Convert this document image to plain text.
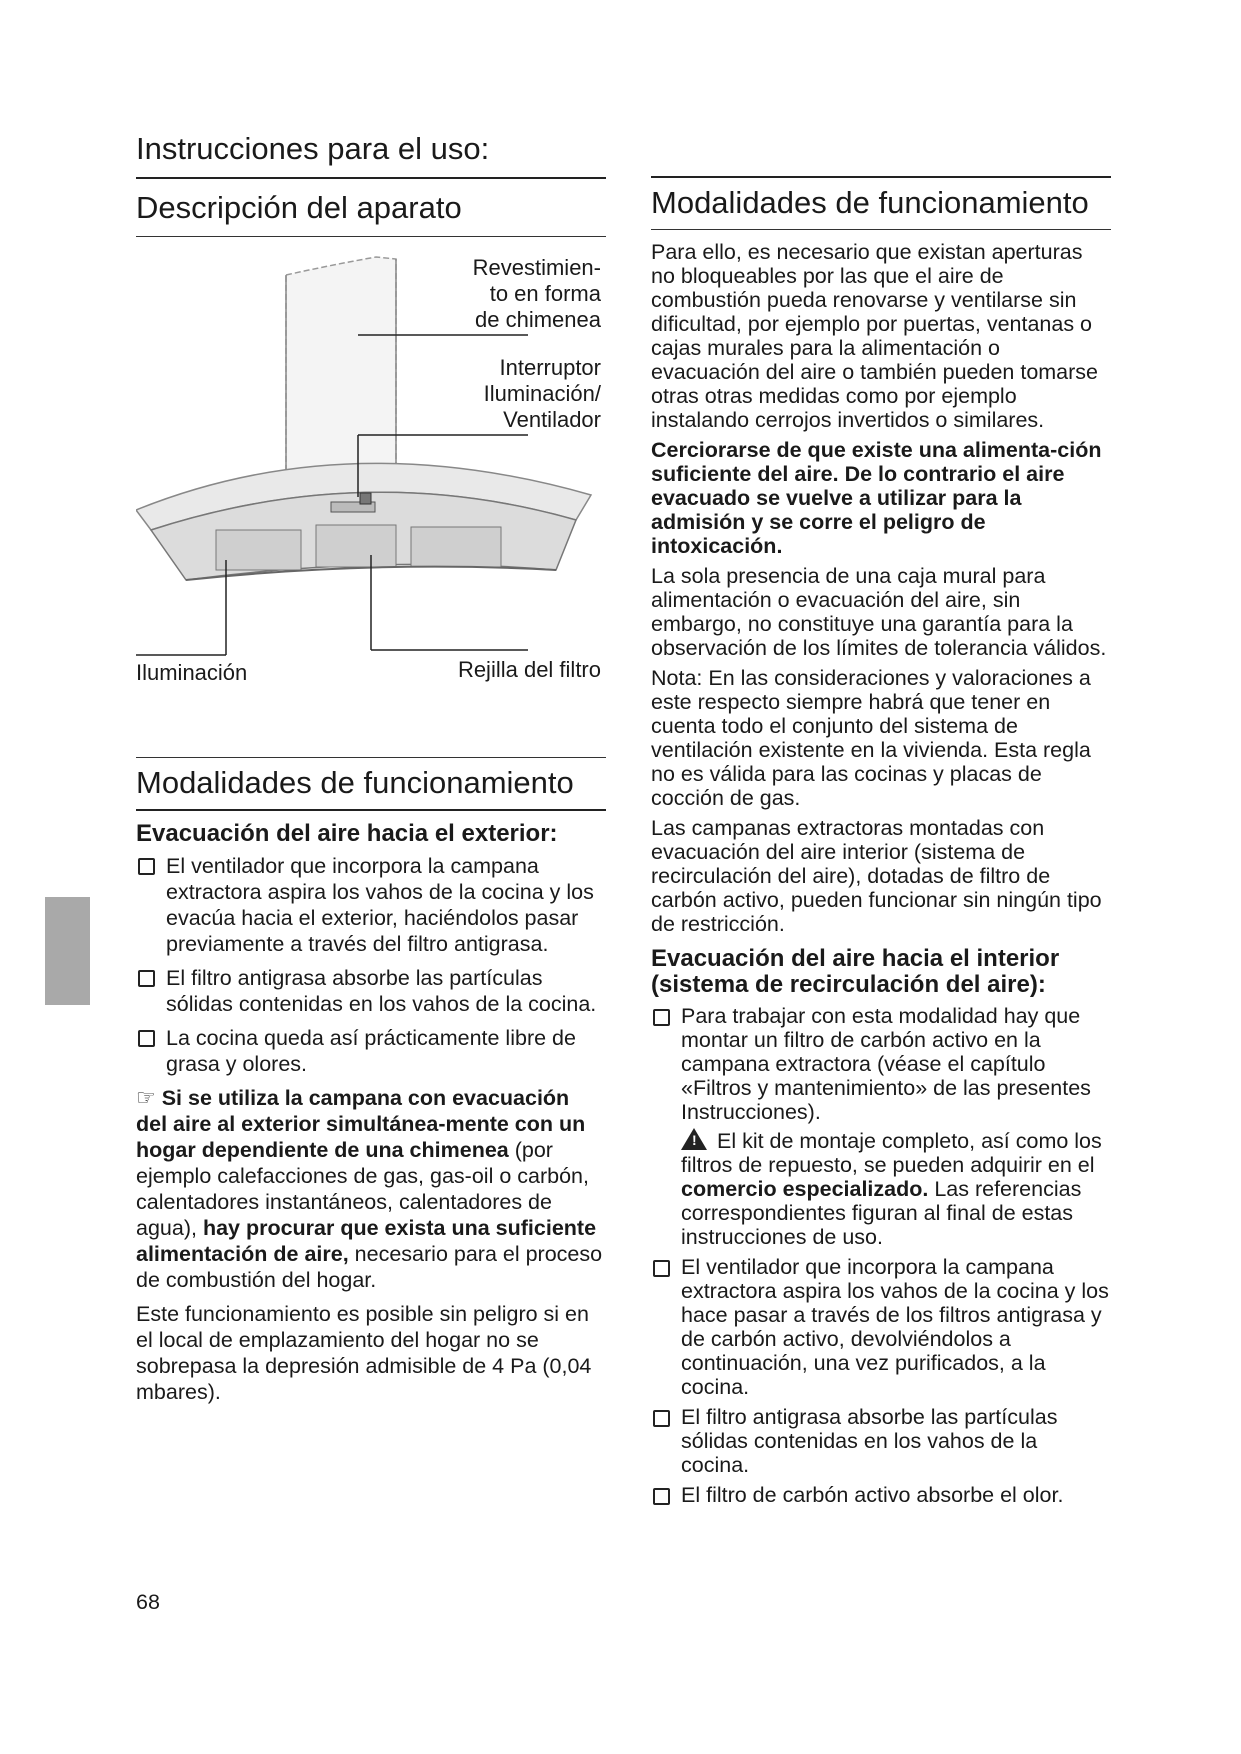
Instrucciones para el uso:
Descripción del aparato
Revestimien-
to en forma
de chimenea
Interruptor
Iluminación/
Ventilador
Iluminación	Rejilla del filtro
Modalidades de funcionamiento
Evacuación del aire hacia el exterior:
El ventilador que incorpora la campana extractora aspira los vahos de la cocina y los evacúa hacia el exterior, haciéndolos pasar previamente a través del filtro antigrasa.
El filtro antigrasa absorbe las partículas sólidas contenidas en los vahos de la cocina.
La cocina queda así prácticamente libre de grasa y olores.

☞ Si se utiliza la campana con evacuación del aire al exterior simultánea-mente con un hogar dependiente de una chimenea (por ejemplo calefacciones de gas, gas-oil o carbón, calentadores instantáneos, calentadores de agua), hay procurar que exista una suficiente alimentación de aire, necesario para el proceso de combustión del hogar.

Este funcionamiento es posible sin peligro si en el local de emplazamiento del hogar no se sobrepasa la depresión admisible de 4 Pa (0,04 mbares).

Modalidades de funcionamiento

Para ello, es necesario que existan aperturas no bloqueables por las que el aire de combustión pueda renovarse y ventilarse sin dificultad, por ejemplo por puertas, ventanas o cajas murales para la alimentación o evacuación del aire o también pueden tomarse otras otras medidas como por ejemplo instalando cerrojos invertidos o similares.

Cerciorarse de que existe una alimenta-ción suficiente del aire. De lo contrario el aire evacuado se vuelve a utilizar para la admisión y se corre el peligro de intoxicación.

La sola presencia de una caja mural para alimentación o evacuación del aire, sin embargo, no constituye una garantía para la observación de los límites de tolerancia válidos.

Nota: En las consideraciones y valoraciones a este respecto siempre habrá que tener en cuenta todo el conjunto del sistema de ventilación existente en la vivienda. Esta regla no es válida para las cocinas y placas de cocción de gas.

Las campanas extractoras montadas con evacuación del aire interior (sistema de recirculación del aire), dotadas de filtro de carbón activo, pueden funcionar sin ningún tipo de restricción.

Evacuación del aire hacia el interior (sistema de recirculación del aire):
Para trabajar con esta modalidad hay que montar un filtro de carbón activo en la campana extractora (véase el capítulo «Filtros y mantenimiento» de las presentes Instrucciones).

! El kit de montaje completo, así como los filtros de repuesto, se pueden adquirir en el comercio especializado. Las referencias correspondientes figuran al final de estas instrucciones de uso.

El ventilador que incorpora la campana extractora aspira los vahos de la cocina y los hace pasar a través de los filtros antigrasa y de carbón activo, devolviéndolos a continuación, una vez purificados, a la cocina.
El filtro antigrasa absorbe las partículas sólidas contenidas en los vahos de la cocina.
El filtro de carbón activo absorbe el olor.
68
